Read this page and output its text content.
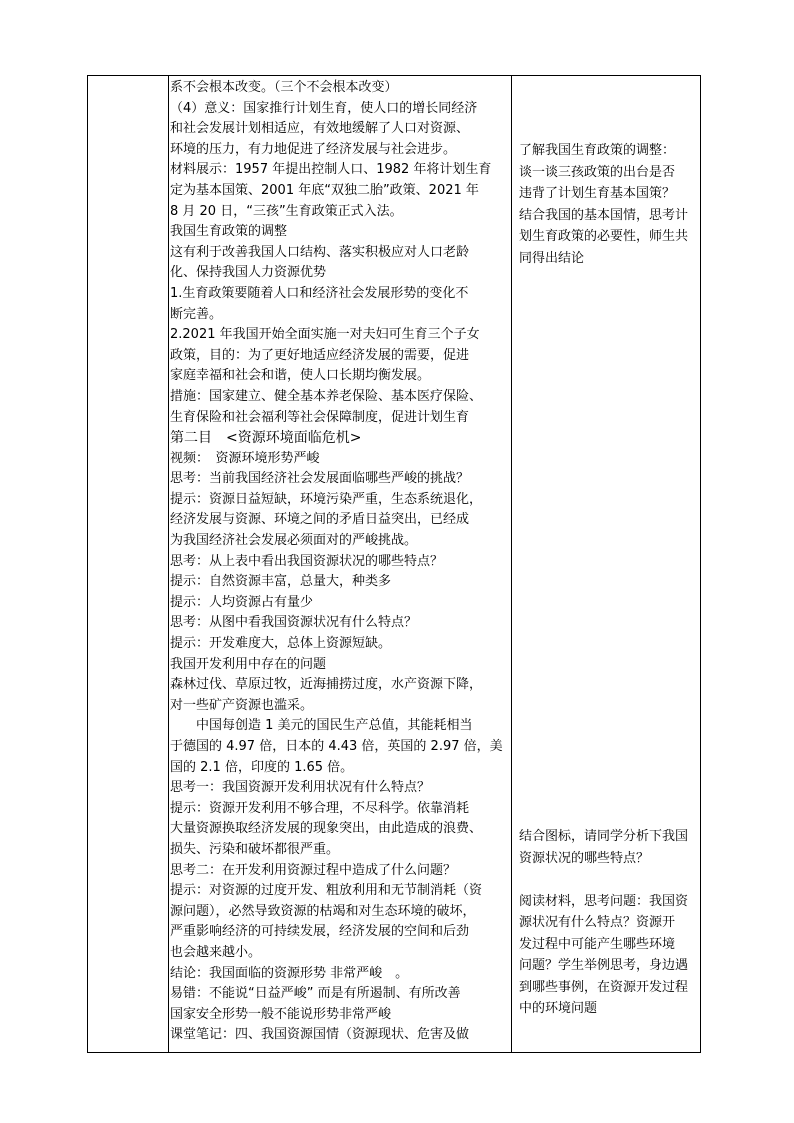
系不会根本改变。（三个不会根本改变）
（4）意义：国家推行计划生育，使人口的增长同经济
和社会发展计划相适应，有效地缓解了人口对资源、
环境的压力，有力地促进了经济发展与社会进步。
材料展示：1957 年提出控制人口、1982 年将计划生育
定为基本国策、2001 年底“双独二胎”政策、2021 年
8 月 20 日，“三孩”生育政策正式入法。
我国生育政策的调整
这有利于改善我国人口结构、落实积极应对人口老龄
化、保持我国人力资源优势
1.生育政策要随着人口和经济社会发展形势的变化不
断完善。
2.2021 年我国开始全面实施一对夫妇可生育三个子女
政策，目的：为了更好地适应经济发展的需要，促进
家庭幸福和社会和谐，使人口长期均衡发展。
措施：国家建立、健全基本养老保险、基本医疗保险、
生育保险和社会福利等社会保障制度，促进计划生育
第二目　<资源环境面临危机>
视频：　资源环境形势严峻
思考：当前我国经济社会发展面临哪些严峻的挑战？
提示：资源日益短缺，环境污染严重，生态系统退化，
经济发展与资源、环境之间的矛盾日益突出，已经成
为我国经济社会发展必须面对的严峻挑战。
思考：从上表中看出我国资源状况的哪些特点？
提示：自然资源丰富，总量大，种类多
提示：人均资源占有量少
思考：从图中看我国资源状况有什么特点？
提示：开发难度大，总体上资源短缺。
我国开发利用中存在的问题
森林过伐、草原过牧，近海捕捞过度，水产资源下降，
对一些矿产资源也滥采。
　　中国每创造 1 美元的国民生产总值，其能耗相当
于德国的 4.97 倍，日本的 4.43 倍，英国的 2.97 倍，美
国的 2.1 倍，印度的 1.65 倍。
思考一：我国资源开发利用状况有什么特点？
提示：资源开发利用不够合理，不尽科学。依靠消耗
大量资源换取经济发展的现象突出，由此造成的浪费、
损失、污染和破坏都很严重。
思考二：在开发利用资源过程中造成了什么问题？
提示：对资源的过度开发、粗放利用和无节制消耗（资
源问题），必然导致资源的枯竭和对生态环境的破坏，
严重影响经济的可持续发展，经济发展的空间和后劲
也会越来越小。
结论：我国面临的资源形势 非常严峻　。
易错：不能说“日益严峻” 而是有所遏制、有所改善
国家安全形势一般不能说形势非常严峻
课堂笔记：四、我国资源国情（资源现状、危害及做
了解我国生育政策的调整：
谈一谈三孩政策的出台是否
违背了计划生育基本国策？
结合我国的基本国情，思考计
划生育政策的必要性，师生共
同得出结论
结合图标，请同学分析下我国
资源状况的哪些特点？
阅读材料，思考问题：我国资
源状况有什么特点？资源开
发过程中可能产生哪些环境
问题？学生举例思考，身边遇
到哪些事例，在资源开发过程
中的环境问题
